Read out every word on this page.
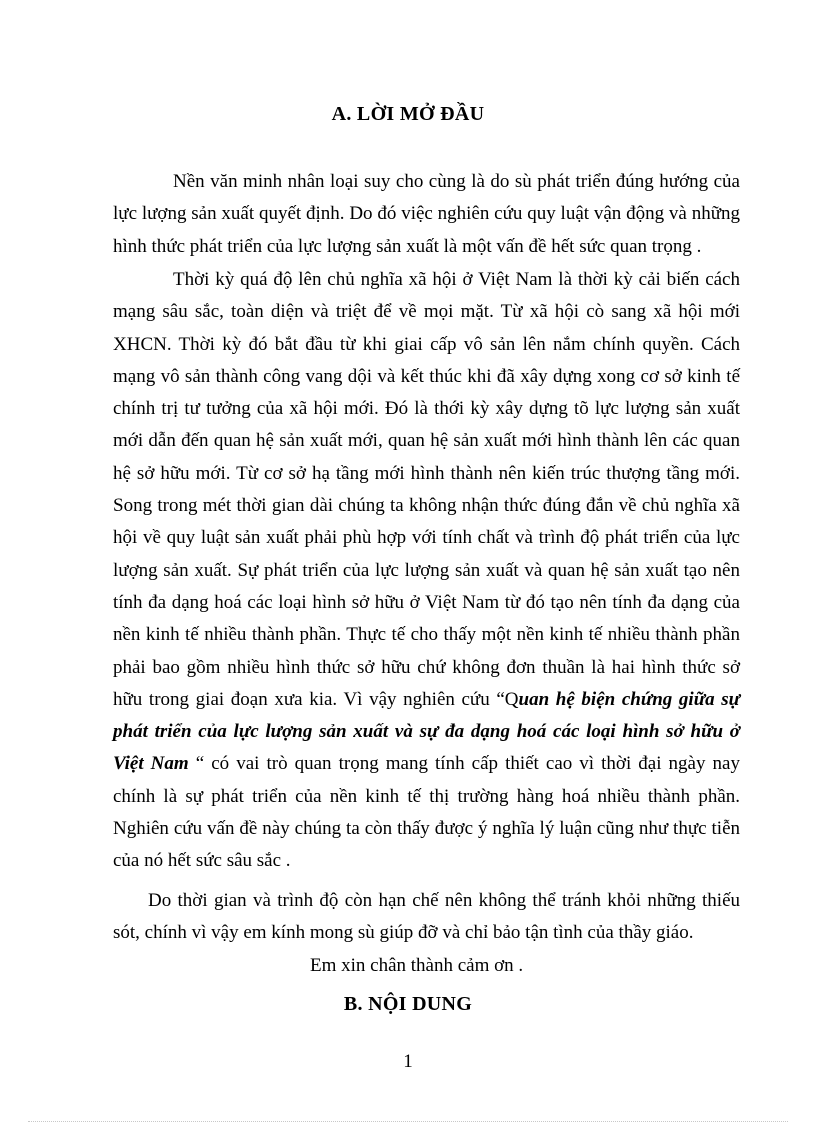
A. LỜI MỞ ĐẦU

Nền văn minh nhân loại suy cho cùng là do sù phát triển đúng hướng của lực lượng sản xuất quyết định. Do đó việc nghiên cứu quy luật vận động và những hình thức phát triển của lực lượng sản xuất là một vấn đề hết sức quan trọng .

Thời kỳ quá độ lên chủ nghĩa xã hội ở Việt Nam là thời kỳ cải biến cách mạng sâu sắc, toàn diện và triệt để về mọi mặt. Từ xã hội cò sang xã hội mới XHCN. Thời kỳ đó bắt đầu từ khi giai cấp vô sản lên nắm chính quyền. Cách mạng vô sản thành công vang dội và kết thúc khi đã xây dựng xong cơ sở kinh tế chính trị tư tưởng của xã hội mới. Đó là thới kỳ xây dựng tõ lực lượng sản xuất mới dẫn đến quan hệ sản xuất mới, quan hệ sản xuất mới hình thành lên các quan hệ sở hữu mới. Từ cơ sở hạ tầng mới hình thành nên kiến trúc thượng tầng mới. Song trong mét thời gian dài chúng ta không nhận thức đúng đắn về chủ nghĩa xã hội về quy luật sản xuất phải phù hợp với tính chất và trình độ phát triển của lực lượng sản xuất. Sự phát triển của lực lượng sản xuất và quan hệ sản xuất tạo nên tính đa dạng hoá các loại hình sở hữu ở Việt Nam từ đó tạo nên tính đa dạng của nền kinh tế nhiều thành phần. Thực tế cho thấy một nền kinh tế nhiều thành phần phải bao gồm nhiều hình thức sở hữu chứ không đơn thuần là hai hình thức sở hữu trong giai đoạn xưa kia. Vì vậy nghiên cứu “Quan hệ biện chứng giữa sự phát triển của lực lượng sản xuất và sự đa dạng hoá các loại hình sở hữu ở Việt Nam “ có vai trò quan trọng mang tính cấp thiết cao vì thời đại ngày nay chính là sự phát triển của nền kinh tế thị trường hàng hoá nhiều thành phần. Nghiên cứu vấn đề này chúng ta còn thấy được ý nghĩa lý luận cũng như thực tiễn của nó hết sức sâu sắc .

Do thời gian và trình độ còn hạn chế nên không thể tránh khỏi những thiếu sót, chính vì vậy em kính mong sù giúp đỡ và chỉ bảo tận tình của thầy giáo.

Em xin chân thành cảm ơn .

B. NỘI DUNG

1
